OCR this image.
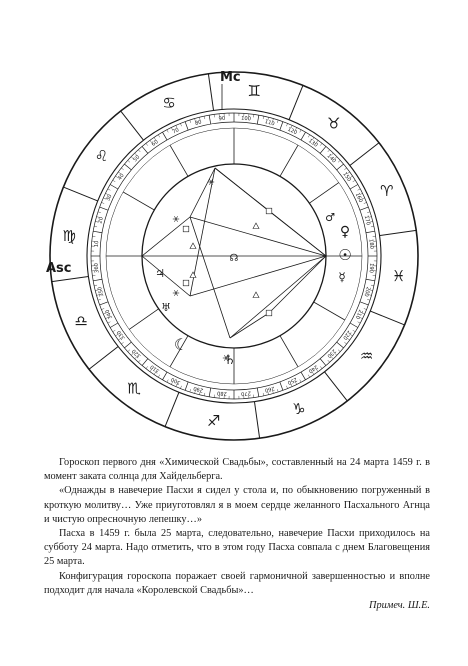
10
20
30
40
50
60
70
80
90	100 110
120
130
140
150
160
170
180
190
200
210
220
230
240
250
260
270
280
290
300
310
320
330
340
350
360
♎
♏
♐
♑
♒
♓
♈
♉
♊
♋
♌
♍
☉
♀
☿
♂
☾
♄
♃
♅
Mc
Asc
☊

Гороскоп первого дня «Химической Свадьбы», составленный на 24 марта 1459 г. в момент заката солнца для Хайдельберга.

«Однажды в навечерие Пасхи я сидел у стола и, по обыкновению погруженный в кроткую молитву… Уже приуготовлял я в моем сердце желанного Пасхального Агнца и чистую опресночную лепешку…»

Пасха в 1459 г. была 25 марта, следовательно, навечерие Пасхи приходилось на субботу 24 марта. Надо отметить, что в этом году Пасха совпала с днем Благовещения 25 марта.

Конфигурация гороскопа поражает своей гармоничной завершенностью и вполне подходит для начала «Королевской Свадьбы»…

Примеч. Ш.Е.
